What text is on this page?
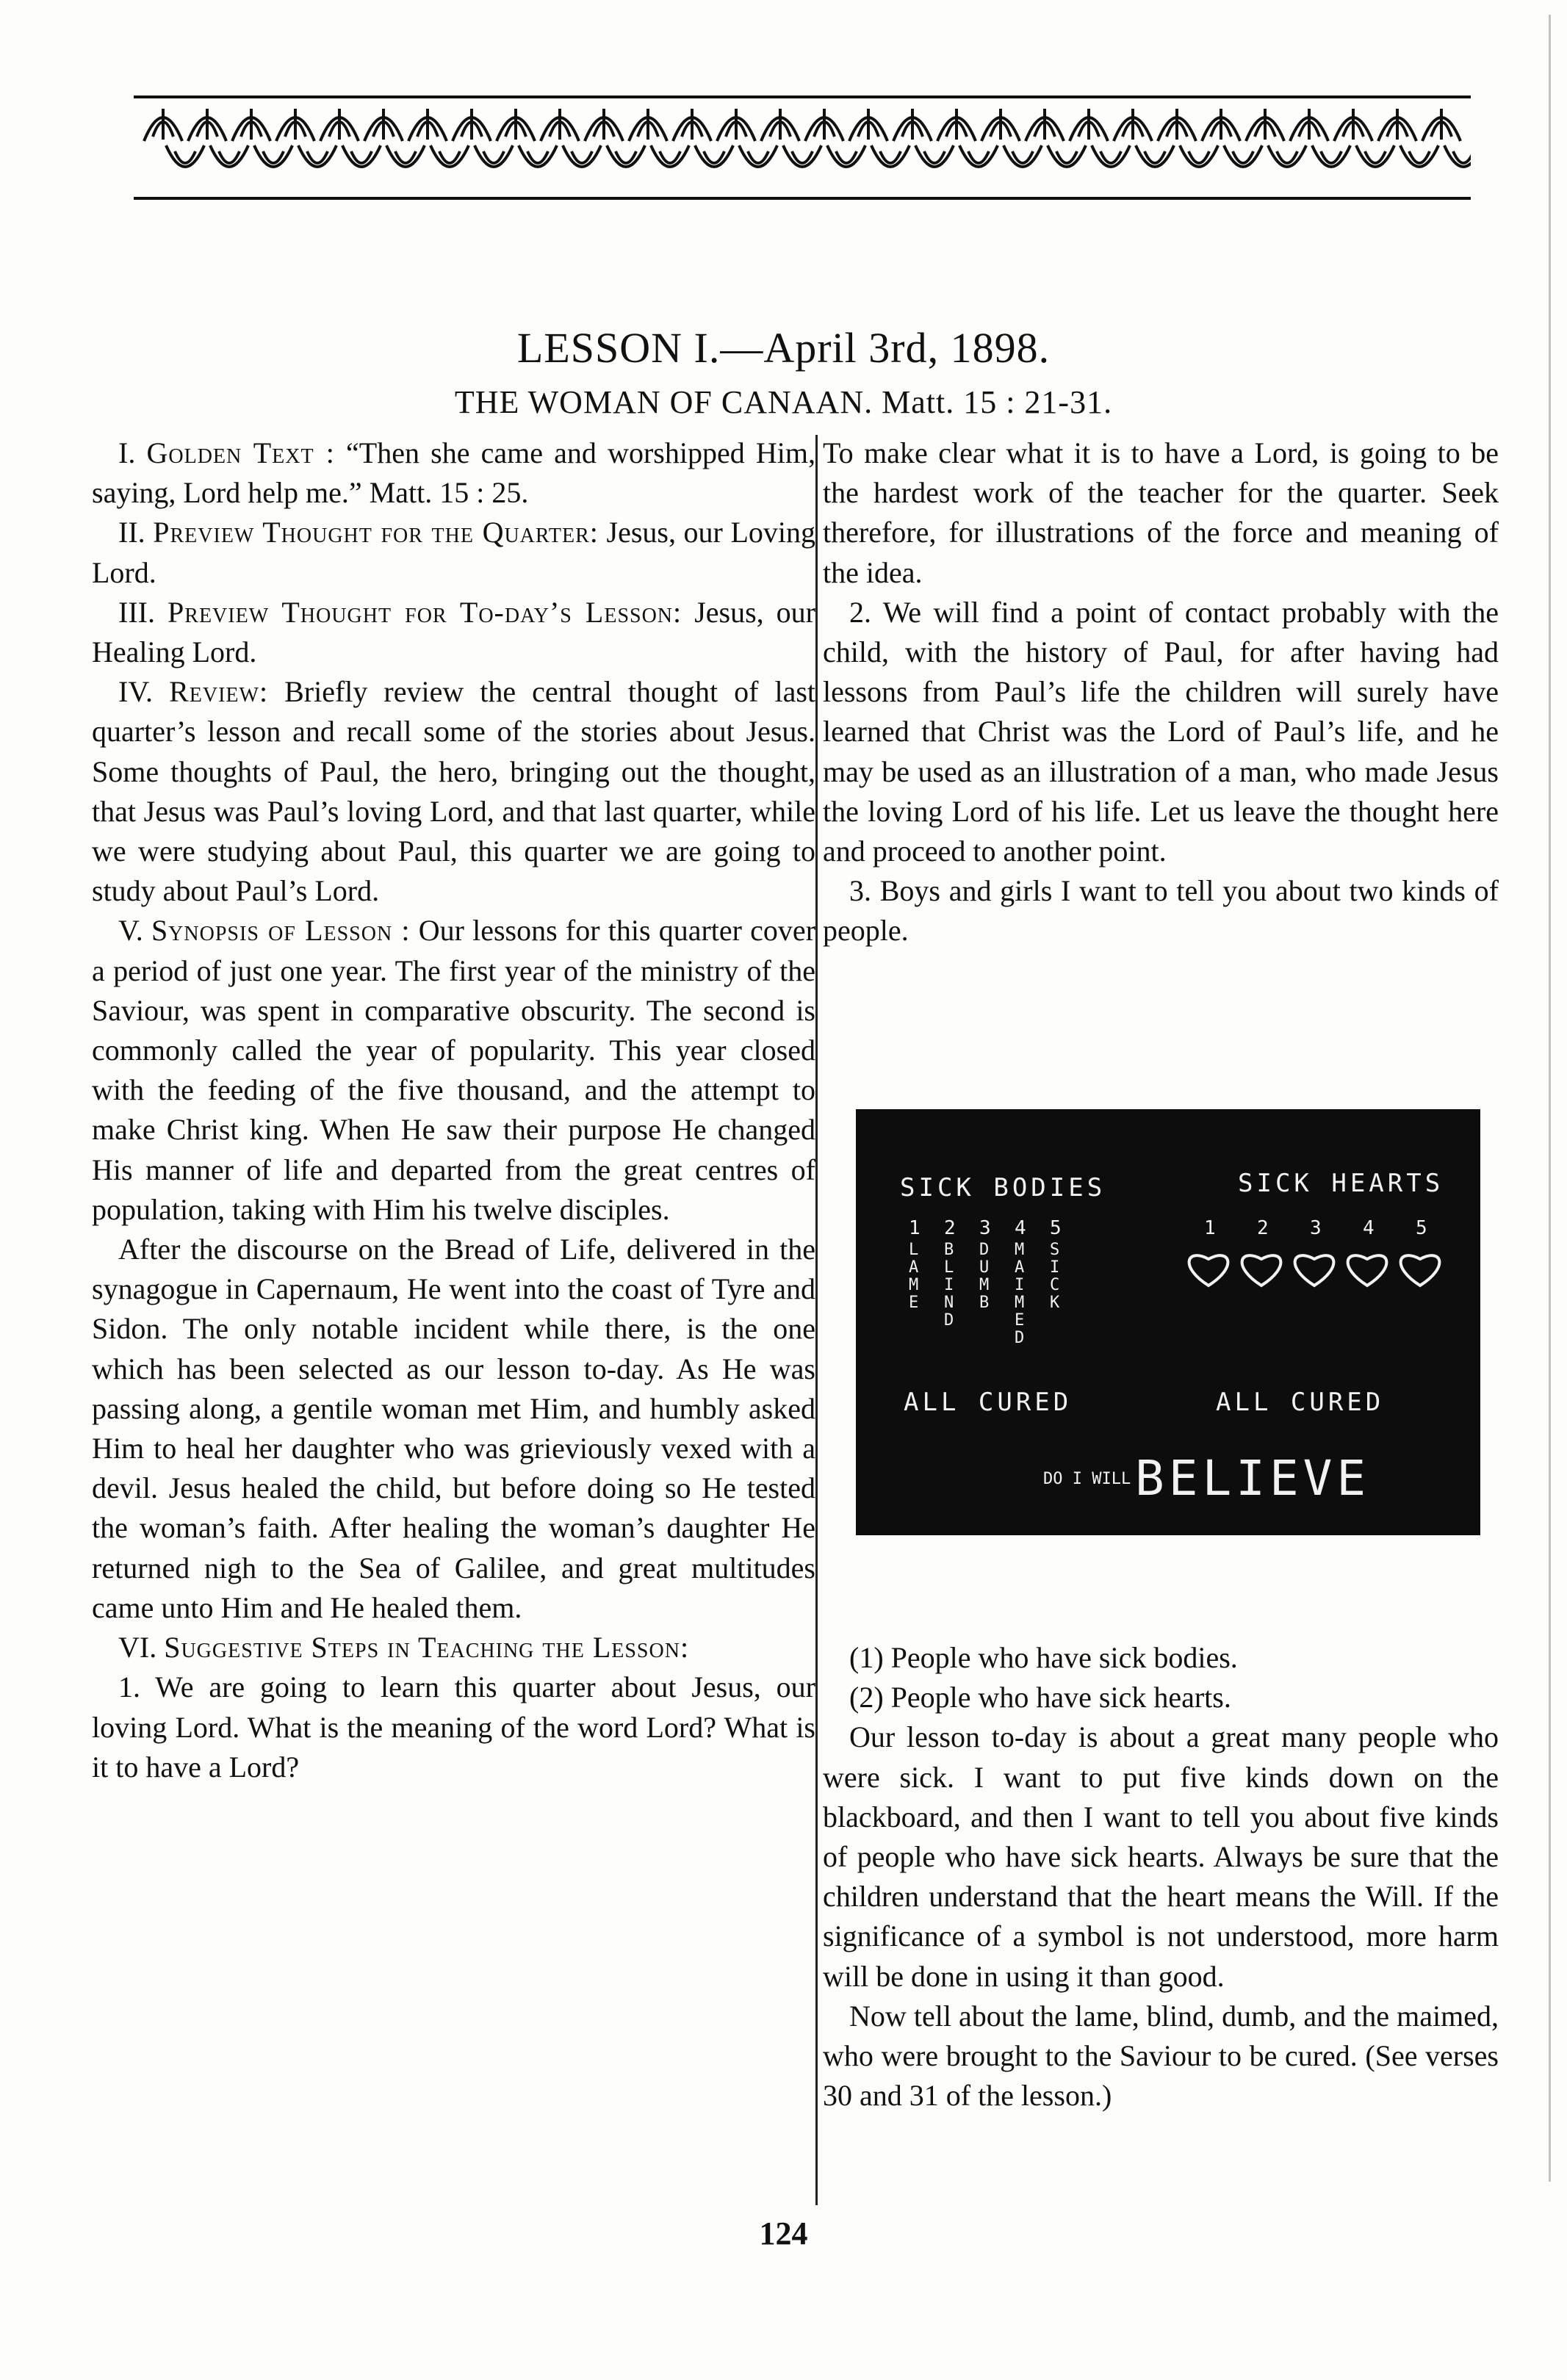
LESSON I.—April 3rd, 1898.
THE WOMAN OF CANAAN. Matt. 15 : 21-31.

I. Golden Text : “Then she came and worshipped Him, saying, Lord help me.” Matt. 15 : 25.

II. Preview Thought for the Quarter: Jesus, our Loving Lord.

III. Preview Thought for To-day’s Lesson: Jesus, our Healing Lord.

IV. Review: Briefly review the central thought of last quarter’s lesson and recall some of the stories about Jesus. Some thoughts of Paul, the hero, bringing out the thought, that Jesus was Paul’s loving Lord, and that last quarter, while we were studying about Paul, this quarter we are going to study about Paul’s Lord.

V. Synopsis of Lesson : Our lessons for this quarter cover a period of just one year. The first year of the ministry of the Saviour, was spent in comparative obscurity. The second is commonly called the year of popularity. This year closed with the feeding of the five thousand, and the attempt to make Christ king. When He saw their purpose He changed His manner of life and departed from the great centres of population, taking with Him his twelve disciples.

After the discourse on the Bread of Life, delivered in the synagogue in Capernaum, He went into the coast of Tyre and Sidon. The only notable incident while there, is the one which has been selected as our lesson to-day. As He was passing along, a gentile woman met Him, and humbly asked Him to heal her daughter who was grieviously vexed with a devil. Jesus healed the child, but before doing so He tested the woman’s faith. After healing the woman’s daughter He returned nigh to the Sea of Galilee, and great multitudes came unto Him and He healed them.

VI. Suggestive Steps in Teaching the Lesson:

1. We are going to learn this quarter about Jesus, our loving Lord. What is the meaning of the word Lord? What is it to have a Lord?

To make clear what it is to have a Lord, is going to be the hardest work of the teacher for the quarter. Seek therefore, for illustrations of the force and meaning of the idea.

2. We will find a point of contact probably with the child, with the history of Paul, for after having had lessons from Paul’s life the children will surely have learned that Christ was the Lord of Paul’s life, and he may be used as an illustration of a man, who made Jesus the loving Lord of his life. Let us leave the thought here and proceed to another point.

3. Boys and girls I want to tell you about two kinds of people.

SICK BODIES	SICK HEARTS
1
L
A
M
E
2
B
L
I
N
D
3
D
U
M
B
4
M
A
I
M
E
D
5
S
I
C
K
1 2 3 4 5
ALL CURED	ALL CURED
DO I WILL BELIEVE

(1) People who have sick bodies.

(2) People who have sick hearts.

Our lesson to-day is about a great many people who were sick. I want to put five kinds down on the blackboard, and then I want to tell you about five kinds of people who have sick hearts. Always be sure that the children understand that the heart means the Will. If the significance of a symbol is not understood, more harm will be done in using it than good.

Now tell about the lame, blind, dumb, and the maimed, who were brought to the Saviour to be cured. (See verses 30 and 31 of the lesson.)

124
